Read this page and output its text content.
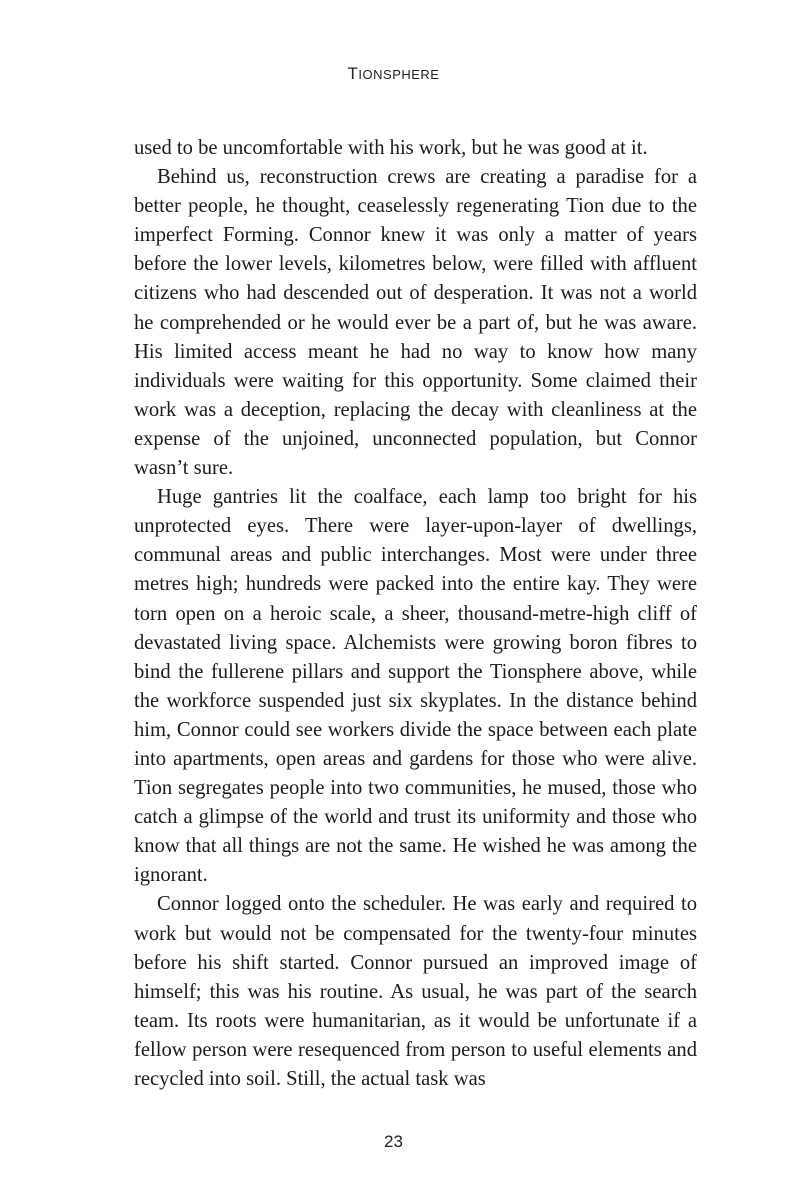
TIONSPHERE

used to be uncomfortable with his work, but he was good at it.

Behind us, reconstruction crews are creating a paradise for a better people, he thought, ceaselessly regenerating Tion due to the imperfect Forming. Connor knew it was only a matter of years before the lower levels, kilometres below, were filled with affluent citizens who had descended out of desperation. It was not a world he comprehended or he would ever be a part of, but he was aware. His limited access meant he had no way to know how many individuals were waiting for this opportunity. Some claimed their work was a deception, replacing the decay with cleanliness at the expense of the unjoined, unconnected population, but Connor wasn’t sure.

Huge gantries lit the coalface, each lamp too bright for his unprotected eyes. There were layer-upon-layer of dwellings, communal areas and public interchanges. Most were under three metres high; hundreds were packed into the entire kay. They were torn open on a heroic scale, a sheer, thousand-metre-high cliff of devastated living space. Alchemists were growing boron fibres to bind the fullerene pillars and support the Tionsphere above, while the workforce suspended just six skyplates. In the distance behind him, Connor could see workers divide the space between each plate into apartments, open areas and gardens for those who were alive. Tion segregates people into two communities, he mused, those who catch a glimpse of the world and trust its uniformity and those who know that all things are not the same. He wished he was among the ignorant.

Connor logged onto the scheduler. He was early and required to work but would not be compensated for the twenty-four minutes before his shift started. Connor pursued an improved image of himself; this was his routine. As usual, he was part of the search team. Its roots were humanitarian, as it would be unfortunate if a fellow person were resequenced from person to useful elements and recycled into soil. Still, the actual task was

23
